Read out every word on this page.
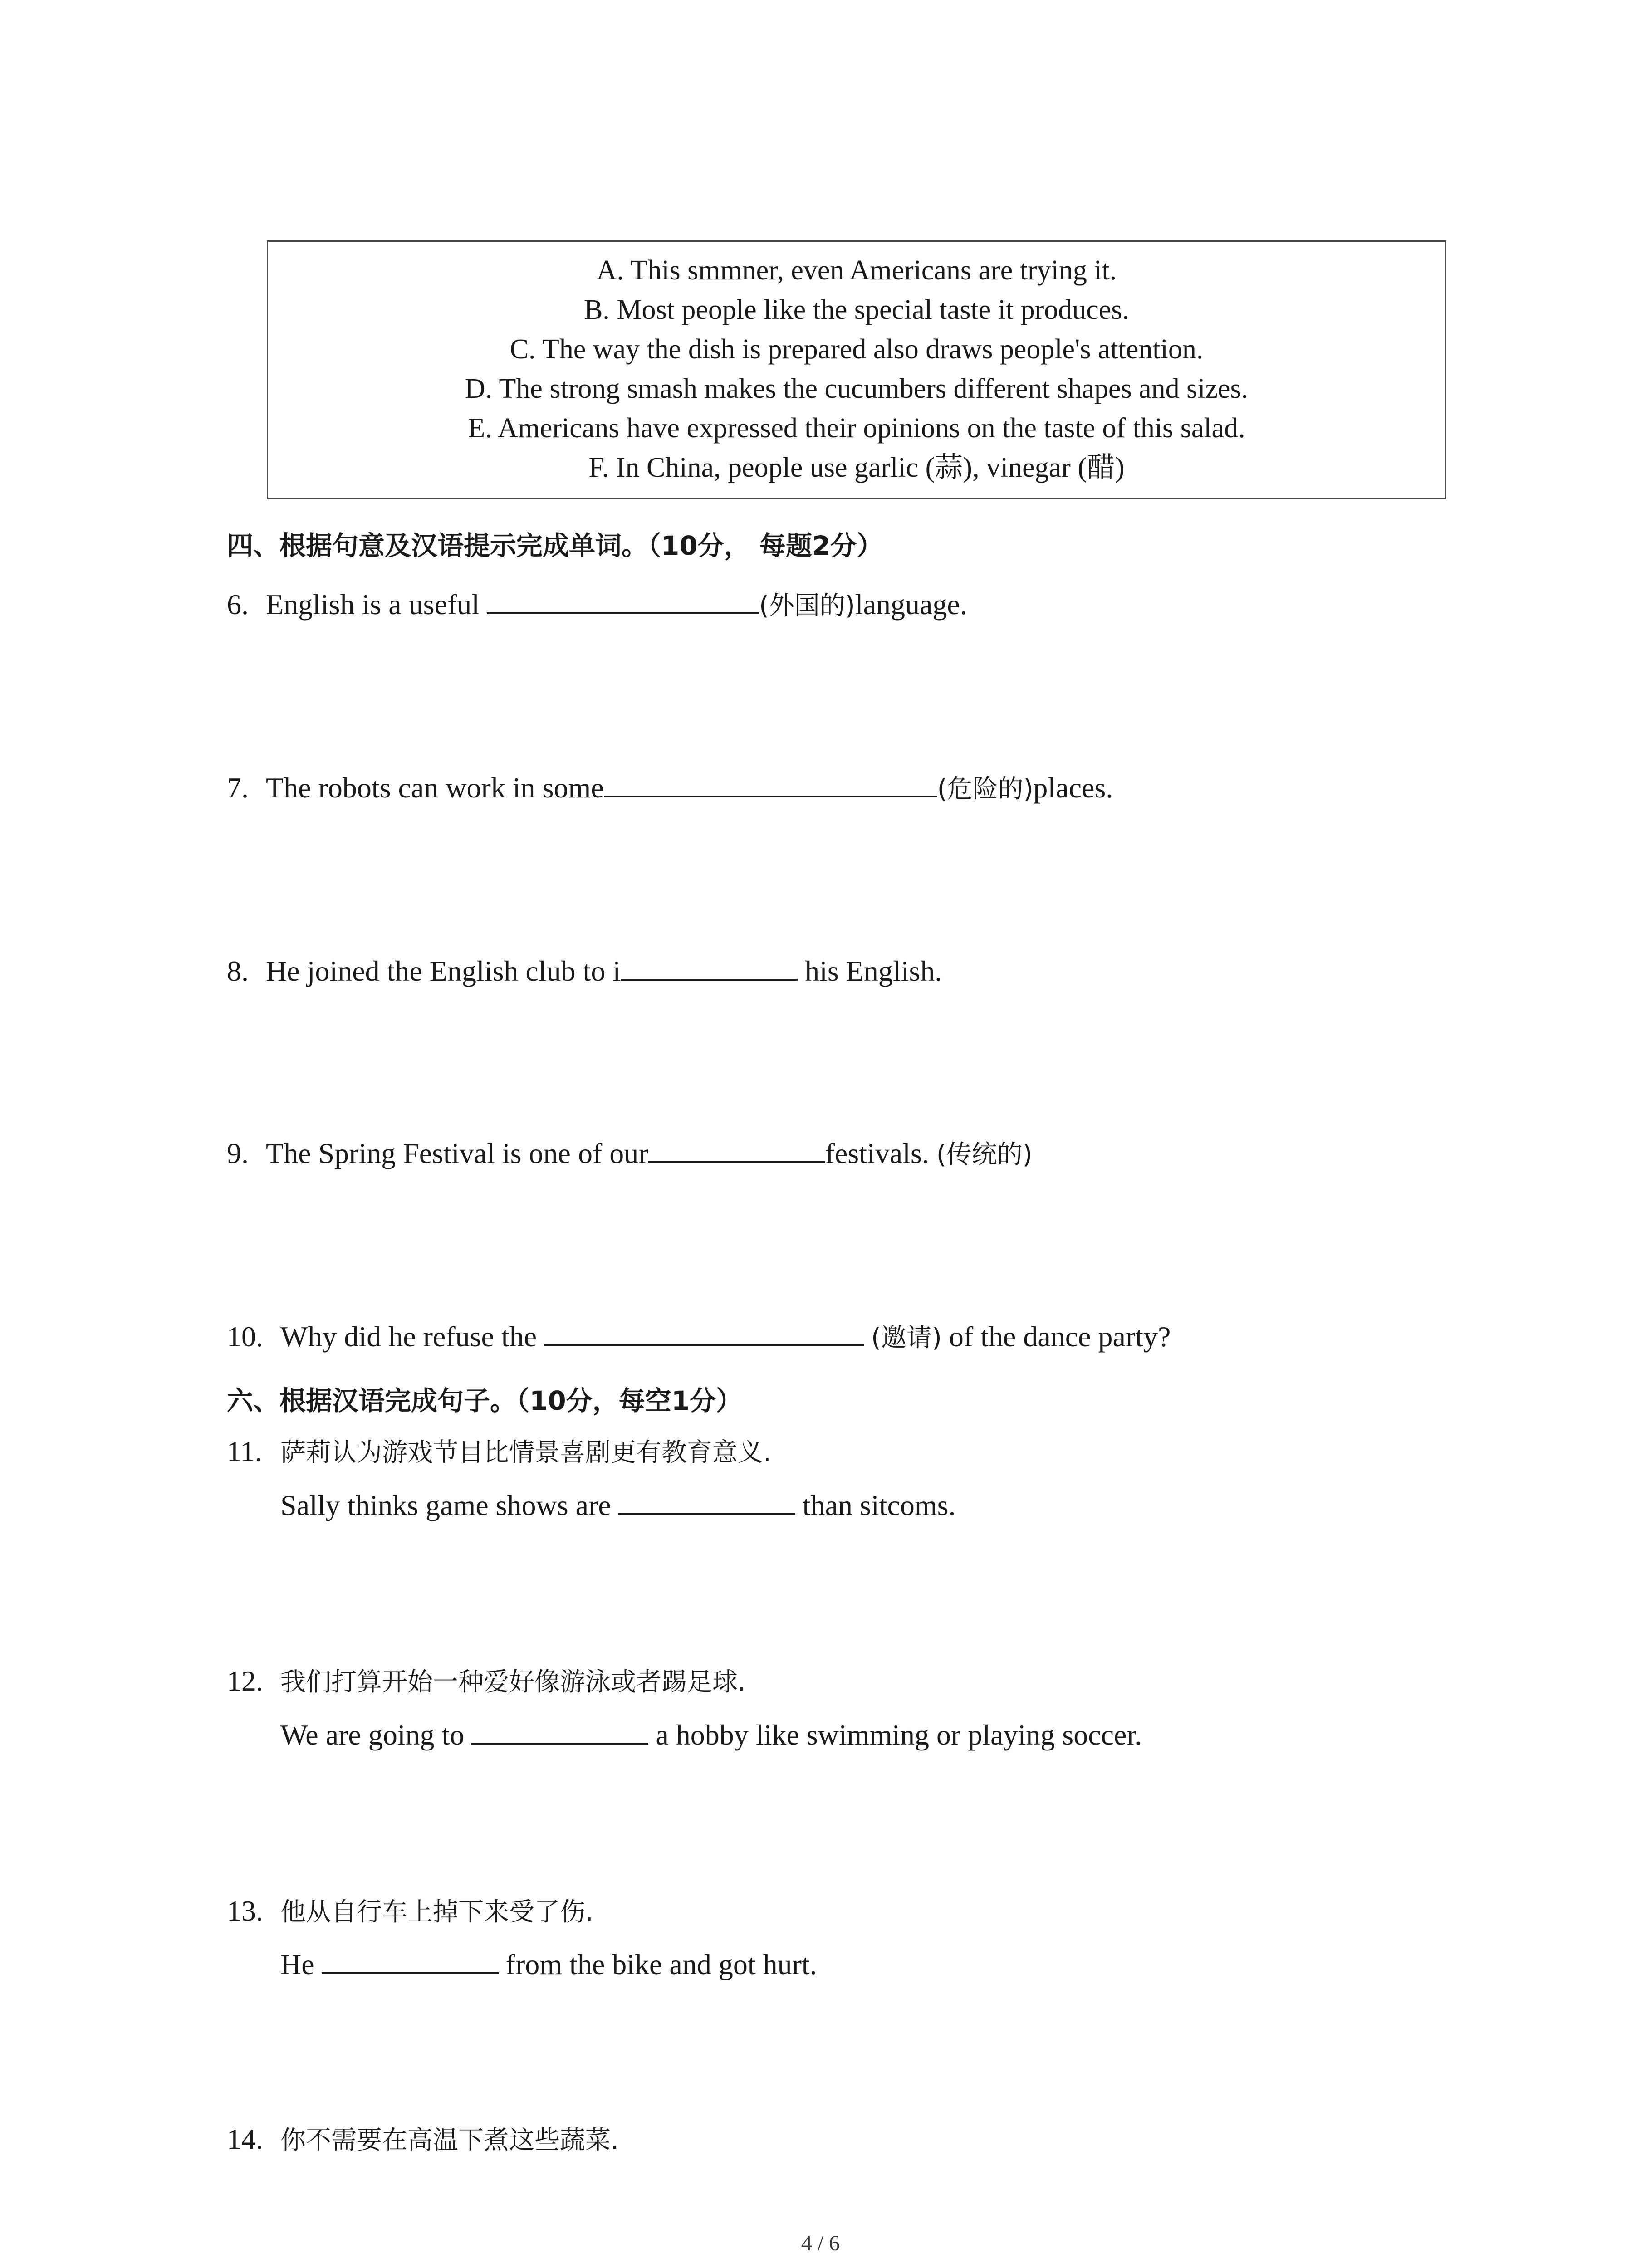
A. This smmner, even Americans are trying it.
B. Most people like the special taste it produces.
C. The way the dish is prepared also draws people's attention.
D. The strong smash makes the cucumbers different shapes and sizes.
E. Americans have expressed their opinions on the taste of this salad.
F. In China, people use garlic (蒜), vinegar (醋)
四、根据句意及汉语提示完成单词。（10分， 每题2分）
6. English is a useful	(外国的)language.
7. The robots can work in some	(危险的)places.
8. He joined the English club to i	his English.
9. The Spring Festival is one of our	festivals. (传统的)
10. Why did he refuse the	(邀请) of the dance party?
六、根据汉语完成句子。（10分，每空1分）
11. 萨莉认为游戏节目比情景喜剧更有教育意义.
Sally thinks game shows are	than sitcoms.
12. 我们打算开始一种爱好像游泳或者踢足球.
We are going to	a hobby like swimming or playing soccer.
13. 他从自行车上掉下来受了伤.
He	from the bike and got hurt.
14. 你不需要在高温下煮这些蔬菜.
4 / 6
